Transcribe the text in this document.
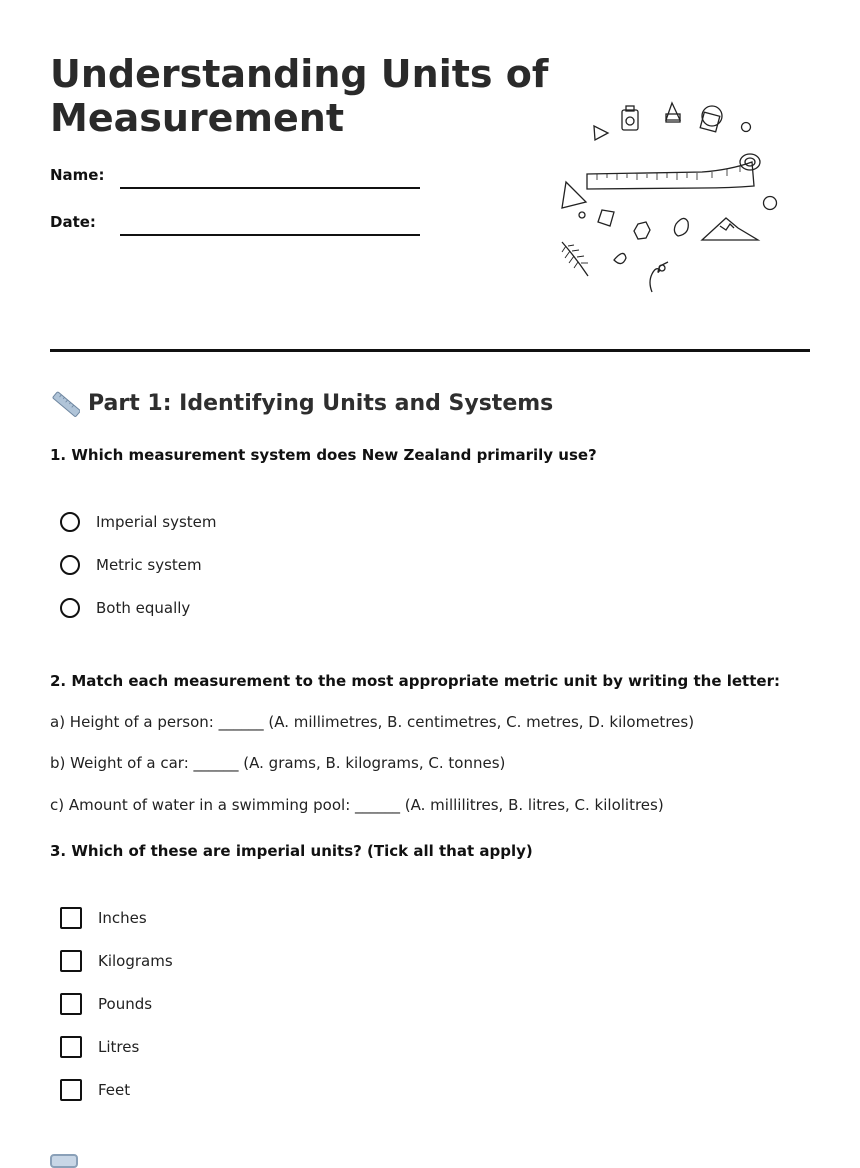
Understanding Units of Measurement
Name:
Date:
Part 1: Identifying Units and Systems
1. Which measurement system does New Zealand primarily use?
Imperial system
Metric system
Both equally
2. Match each measurement to the most appropriate metric unit by writing the letter:
a) Height of a person: ______ (A. millimetres, B. centimetres, C. metres, D. kilometres)
b) Weight of a car: ______ (A. grams, B. kilograms, C. tonnes)
c) Amount of water in a swimming pool: ______ (A. millilitres, B. litres, C. kilolitres)
3. Which of these are imperial units? (Tick all that apply)
Inches
Kilograms
Pounds
Litres
Feet
